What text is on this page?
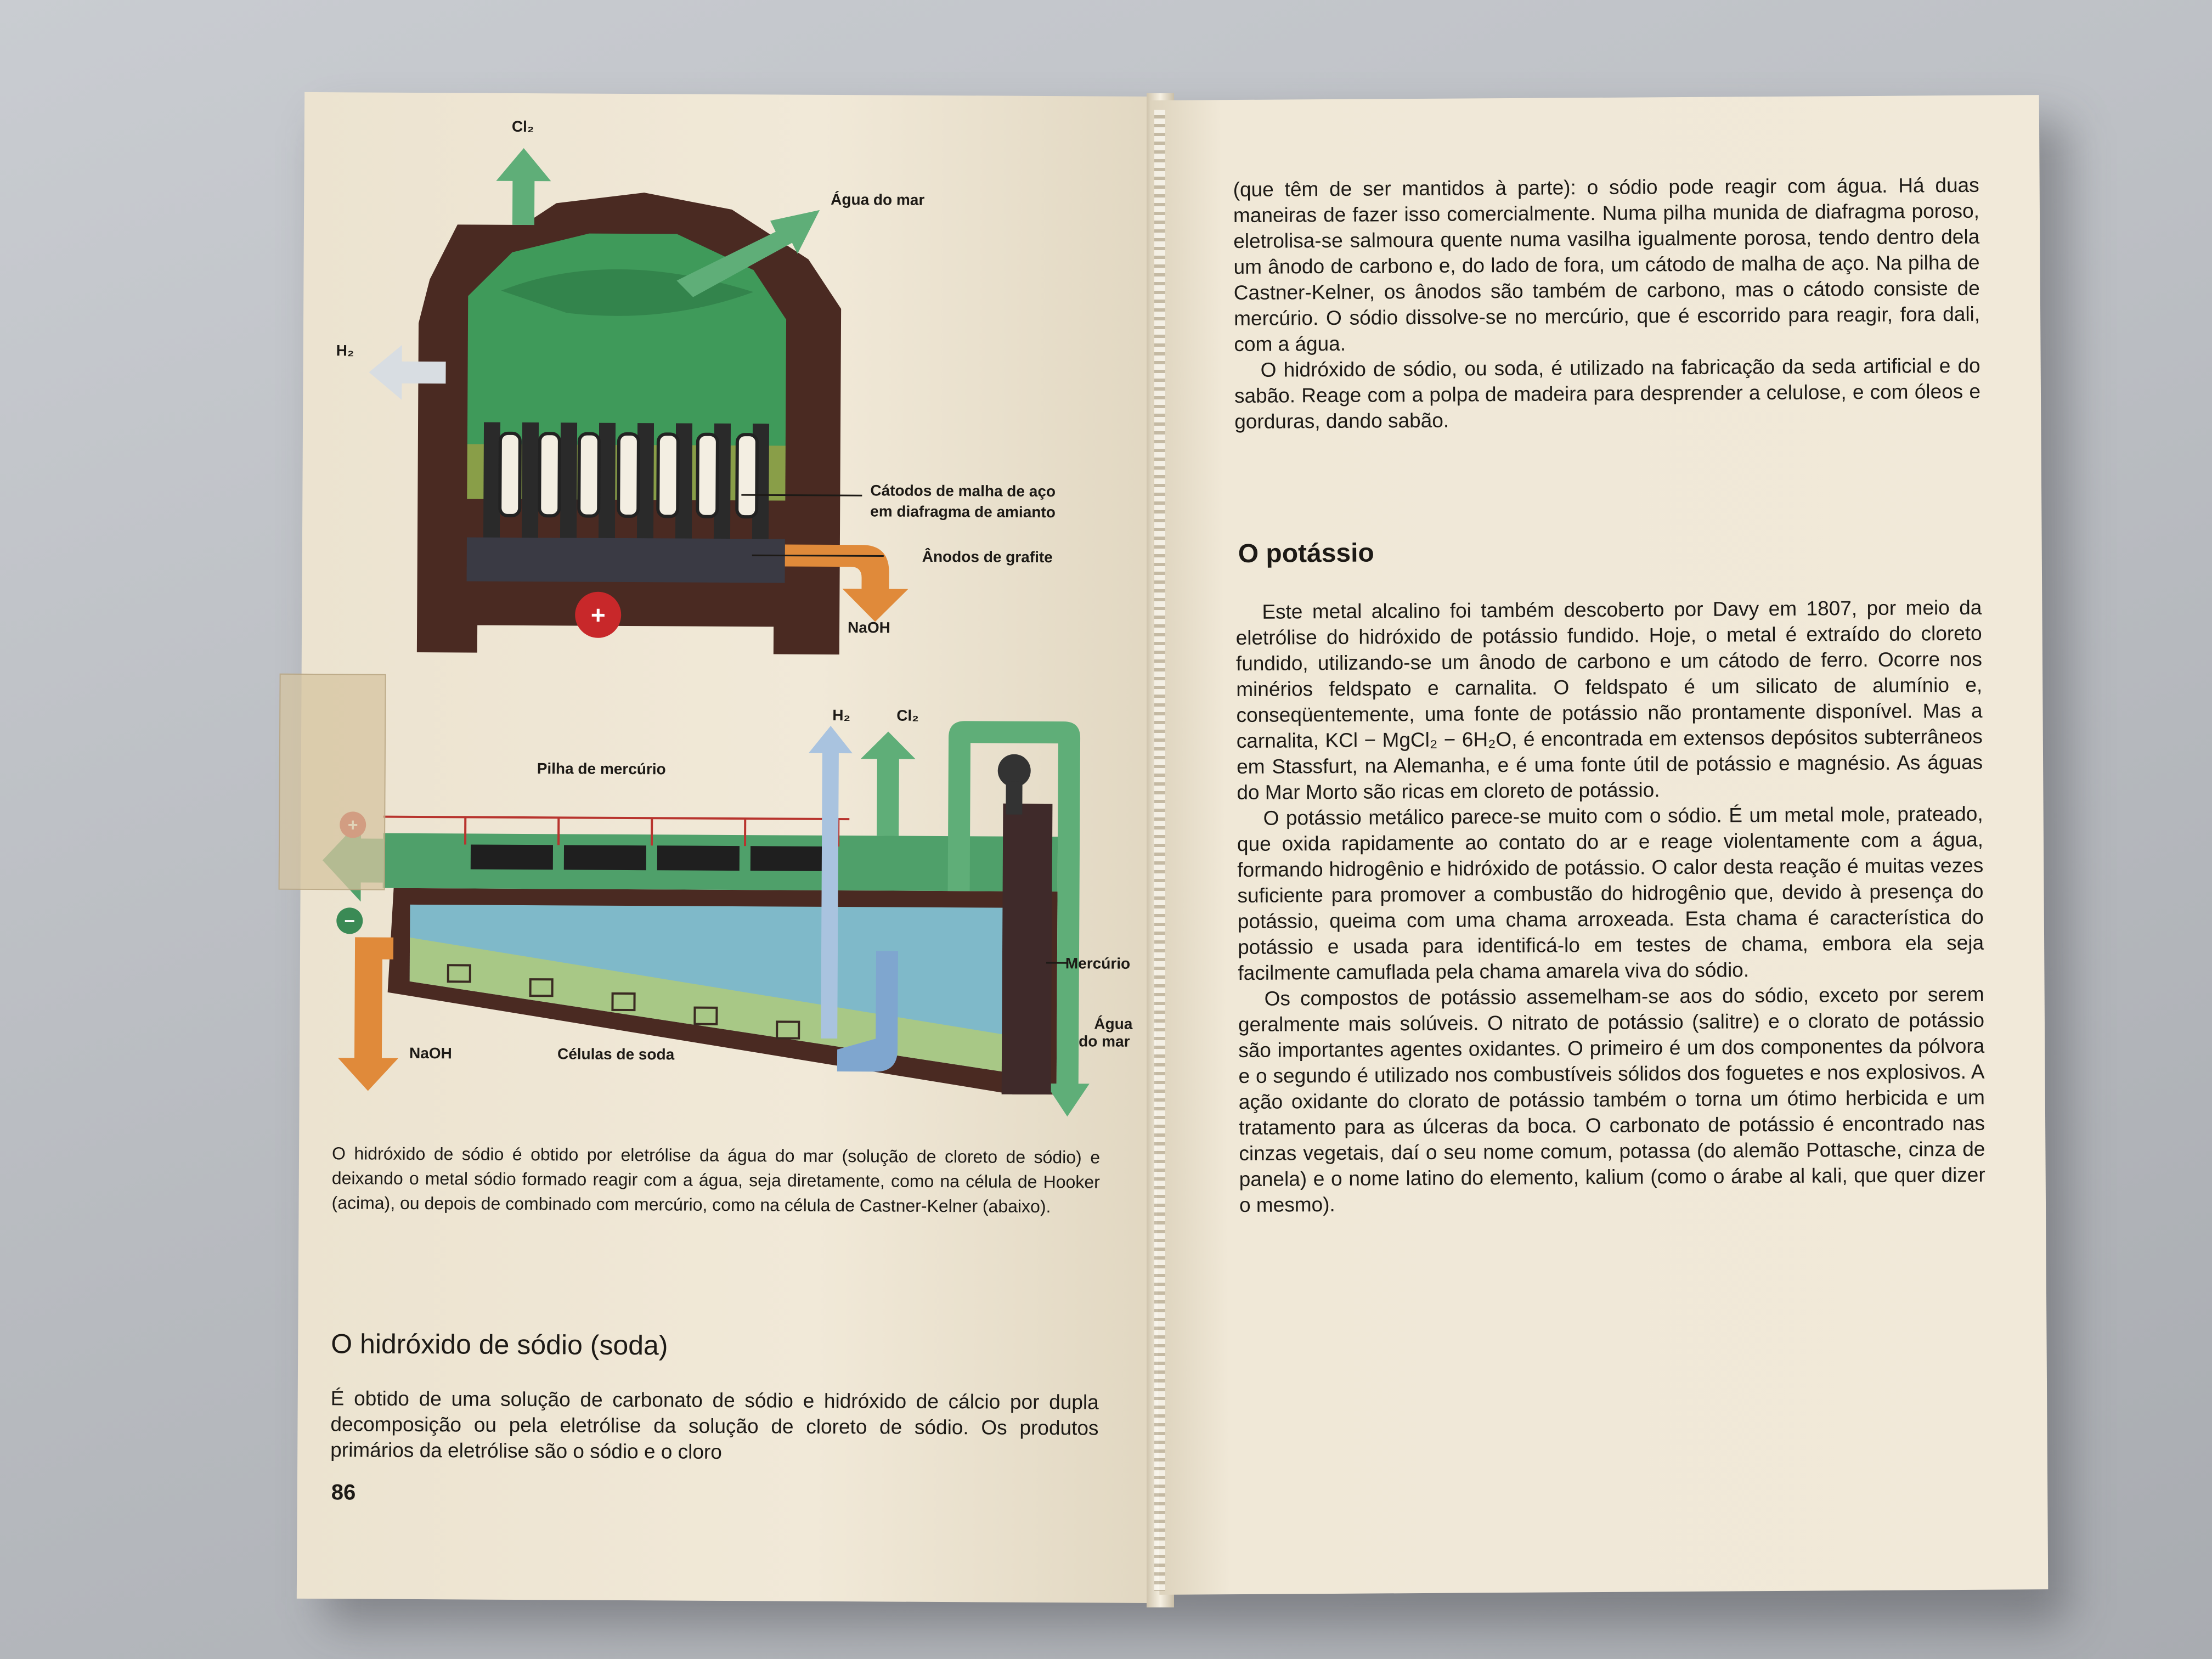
+
Cl₂
Água do mar
H₂
NaOH
Cátodos de malha de aço
em diafragma de amianto
Ânodos de grafite
−
H₂	Cl₂
NaOH	Células de soda
Pilha de mercúrio
Mercúrio
Água
do mar

O hidróxido de sódio é obtido por eletrólise da água do mar (solução de cloreto de sódio) e deixando o metal sódio formado reagir com a água, seja diretamente, como na célula de Hooker (acima), ou depois de combinado com mercúrio, como na célula de Castner-Kelner (abaixo).

O hidróxido de sódio (soda)

É obtido de uma solução de carbonato de sódio e hidróxido de cálcio por dupla decomposição ou pela eletrólise da solução de cloreto de sódio. Os produtos primários da eletrólise são o sódio e o cloro

86

(que têm de ser mantidos à parte): o sódio pode reagir com água. Há duas maneiras de fazer isso comercialmente. Numa pilha munida de diafragma poroso, eletrolisa-se salmoura quente numa vasilha igualmente porosa, tendo dentro dela um ânodo de carbono e, do lado de fora, um cátodo de malha de aço. Na pilha de Castner-Kelner, os ânodos são também de carbono, mas o cátodo consiste de mercúrio. O sódio dissolve-se no mercúrio, que é escorrido para reagir, fora dali, com a água.

O hidróxido de sódio, ou soda, é utilizado na fabricação da seda artificial e do sabão. Reage com a polpa de madeira para desprender a celulose, e com óleos e gorduras, dando sabão.

O potássio

Este metal alcalino foi também descoberto por Davy em 1807, por meio da eletrólise do hidróxido de potássio fundido. Hoje, o metal é extraído do cloreto fundido, utilizando-se um ânodo de carbono e um cátodo de ferro. Ocorre nos minérios feldspato e carnalita. O feldspato é um silicato de alumínio e, conseqüentemente, uma fonte de potássio não prontamente disponível. Mas a carnalita, KCl − MgCl₂ − 6H₂O, é encontrada em extensos depósitos subterrâneos em Stassfurt, na Alemanha, e é uma fonte útil de potássio e magnésio. As águas do Mar Morto são ricas em cloreto de potássio.

O potássio metálico parece-se muito com o sódio. É um metal mole, prateado, que oxida rapidamente ao contato do ar e reage violentamente com a água, formando hidrogênio e hidróxido de potássio. O calor desta reação é muitas vezes suficiente para promover a combustão do hidrogênio que, devido à presença do potássio, queima com uma chama arroxeada. Esta chama é característica do potássio e usada para identificá-lo em testes de chama, embora ela seja facilmente camuflada pela chama amarela viva do sódio.

Os compostos de potássio assemelham-se aos do sódio, exceto por serem geralmente mais solúveis. O nitrato de potássio (salitre) e o clorato de potássio são importantes agentes oxidantes. O primeiro é um dos componentes da pólvora e o segundo é utilizado nos combustíveis sólidos dos foguetes e nos explosivos. A ação oxidante do clorato de potássio também o torna um ótimo herbicida e um tratamento para as úlceras da boca. O carbonato de potássio é encontrado nas cinzas vegetais, daí o seu nome comum, potassa (do alemão Pottasche, cinza de panela) e o nome latino do elemento, kalium (como o árabe al kali, que quer dizer o mesmo).
